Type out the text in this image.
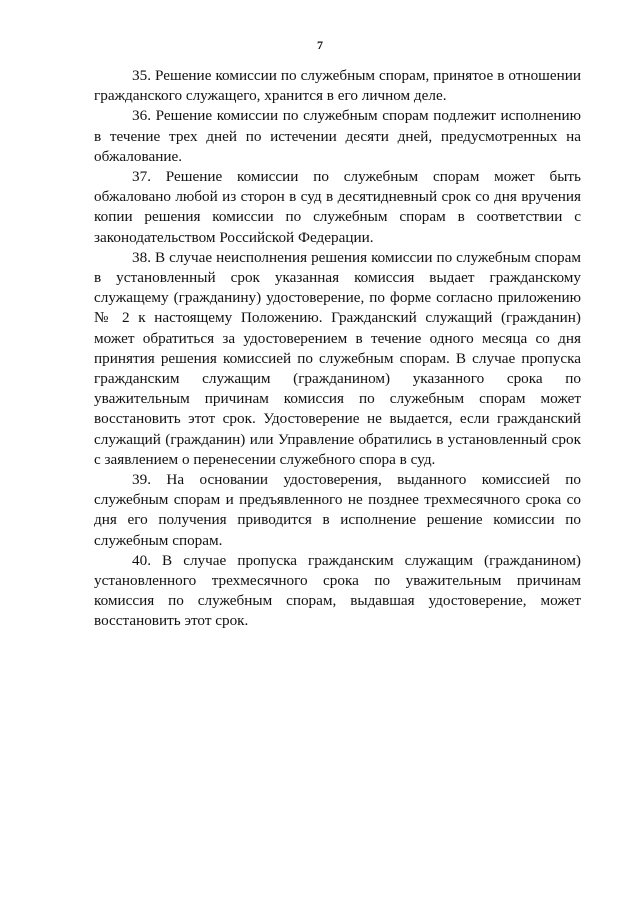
7

35. Решение комиссии по служебным спорам, принятое в отношении гражданского служащего, хранится в его личном деле.

36. Решение комиссии по служебным спорам подлежит исполнению в течение трех дней по истечении десяти дней, предусмотренных на обжалование.

37. Решение комиссии по служебным спорам может быть обжаловано любой из сторон в суд в десятидневный срок со дня вручения копии решения комиссии по служебным спорам в соответствии с законодательством Российской Федерации.

38. В случае неисполнения решения комиссии по служебным спорам в установленный срок указанная комиссия выдает гражданскому служащему (гражданину) удостоверение, по форме согласно приложению № 2 к настоящему Положению. Гражданский служащий (гражданин) может обратиться за удостоверением в течение одного месяца со дня принятия решения комиссией по служебным спорам. В случае пропуска гражданским служащим (гражданином) указанного срока по уважительным причинам комиссия по служебным спорам может восстановить этот срок. Удостоверение не выдается, если гражданский служащий (гражданин) или Управление обратились в установленный срок с заявлением о перенесении служебного спора в суд.

39. На основании удостоверения, выданного комиссией по служебным спорам и предъявленного не позднее трехмесячного срока со дня его получения приводится в исполнение решение комиссии по служебным спорам.

40. В случае пропуска гражданским служащим (гражданином) установленного трехмесячного срока по уважительным причинам комиссия по служебным спорам, выдавшая удостоверение, может восстановить этот срок.
